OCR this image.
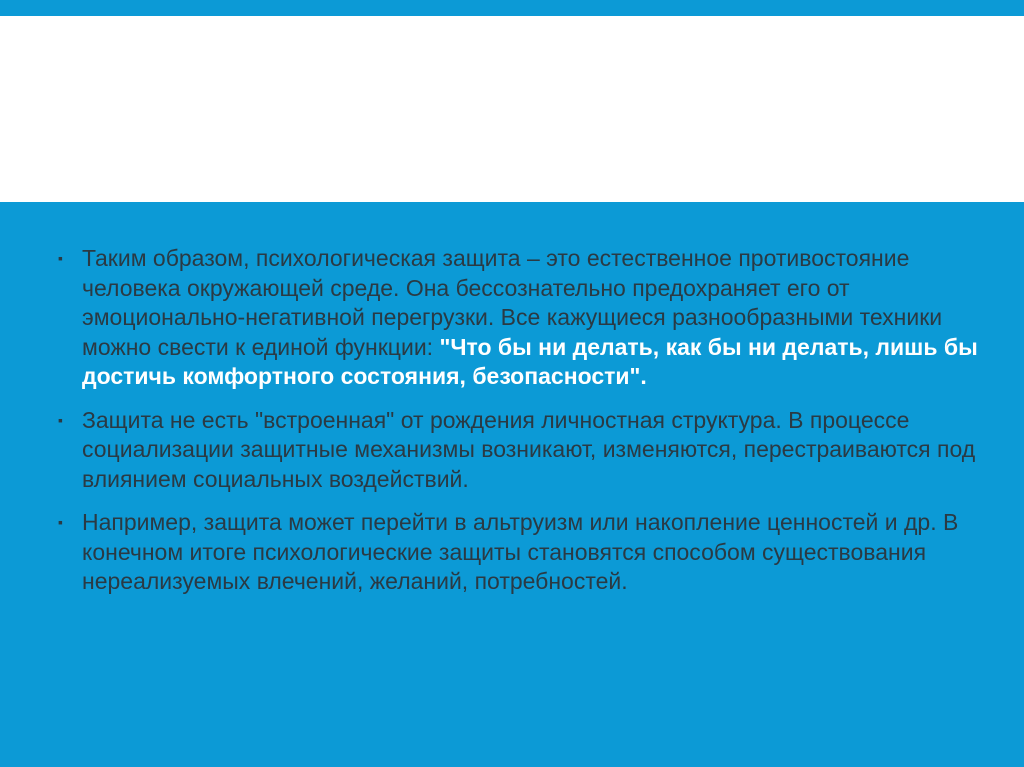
▪ Таким образом, психологическая защита – это естественное противостояние человека окружающей среде. Она бессознательно предохраняет его от эмоционально-негативной перегрузки. Все кажущиеся разнообразными техники можно свести к единой функции: "Что бы ни делать, как бы ни делать, лишь бы достичь комфортного состояния, безопасности".
▪ Защита не есть "встроенная" от рождения личностная структура. В процессе социализации защитные механизмы возникают, изменяются, перестраиваются под влиянием социальных воздействий.
▪ Например, защита может перейти в альтруизм или накопление ценностей и др. В конечном итоге психологические защиты становятся способом существования нереализуемых влечений, желаний, потребностей.
